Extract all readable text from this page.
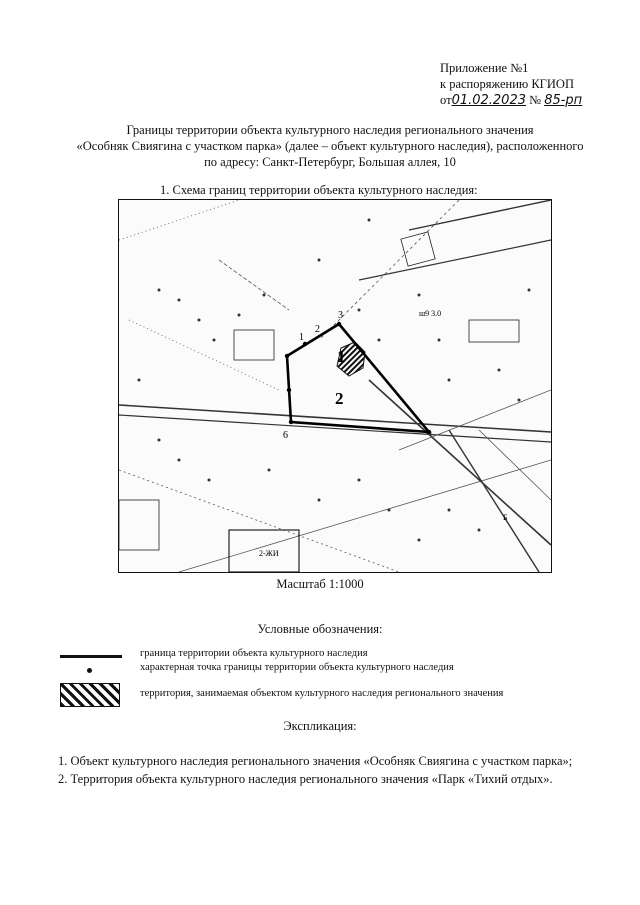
Приложение №1
к распоряжению КГИОП
от01.02.2023 № 85-рп
Границы территории объекта культурного наследия регионального значения
«Особняк Свиягина с участком парка» (далее – объект культурного наследия), расположенного
по адресу: Санкт-Петербург, Большая аллея, 10
1. Схема границ территории объекта культурного наследия:
1
2
1
2
3
6
2-ЖИ
ш9 3.0
Б
Масштаб 1:1000
Условные обозначения:
граница территории объекта культурного наследия
характерная точка границы территории объекта культурного наследия
территория, занимаемая объектом культурного наследия регионального значения
Экспликация:
1. Объект культурного наследия регионального значения «Особняк Свиягина с участком парка»;
2. Территория объекта культурного наследия регионального значения «Парк «Тихий отдых».
